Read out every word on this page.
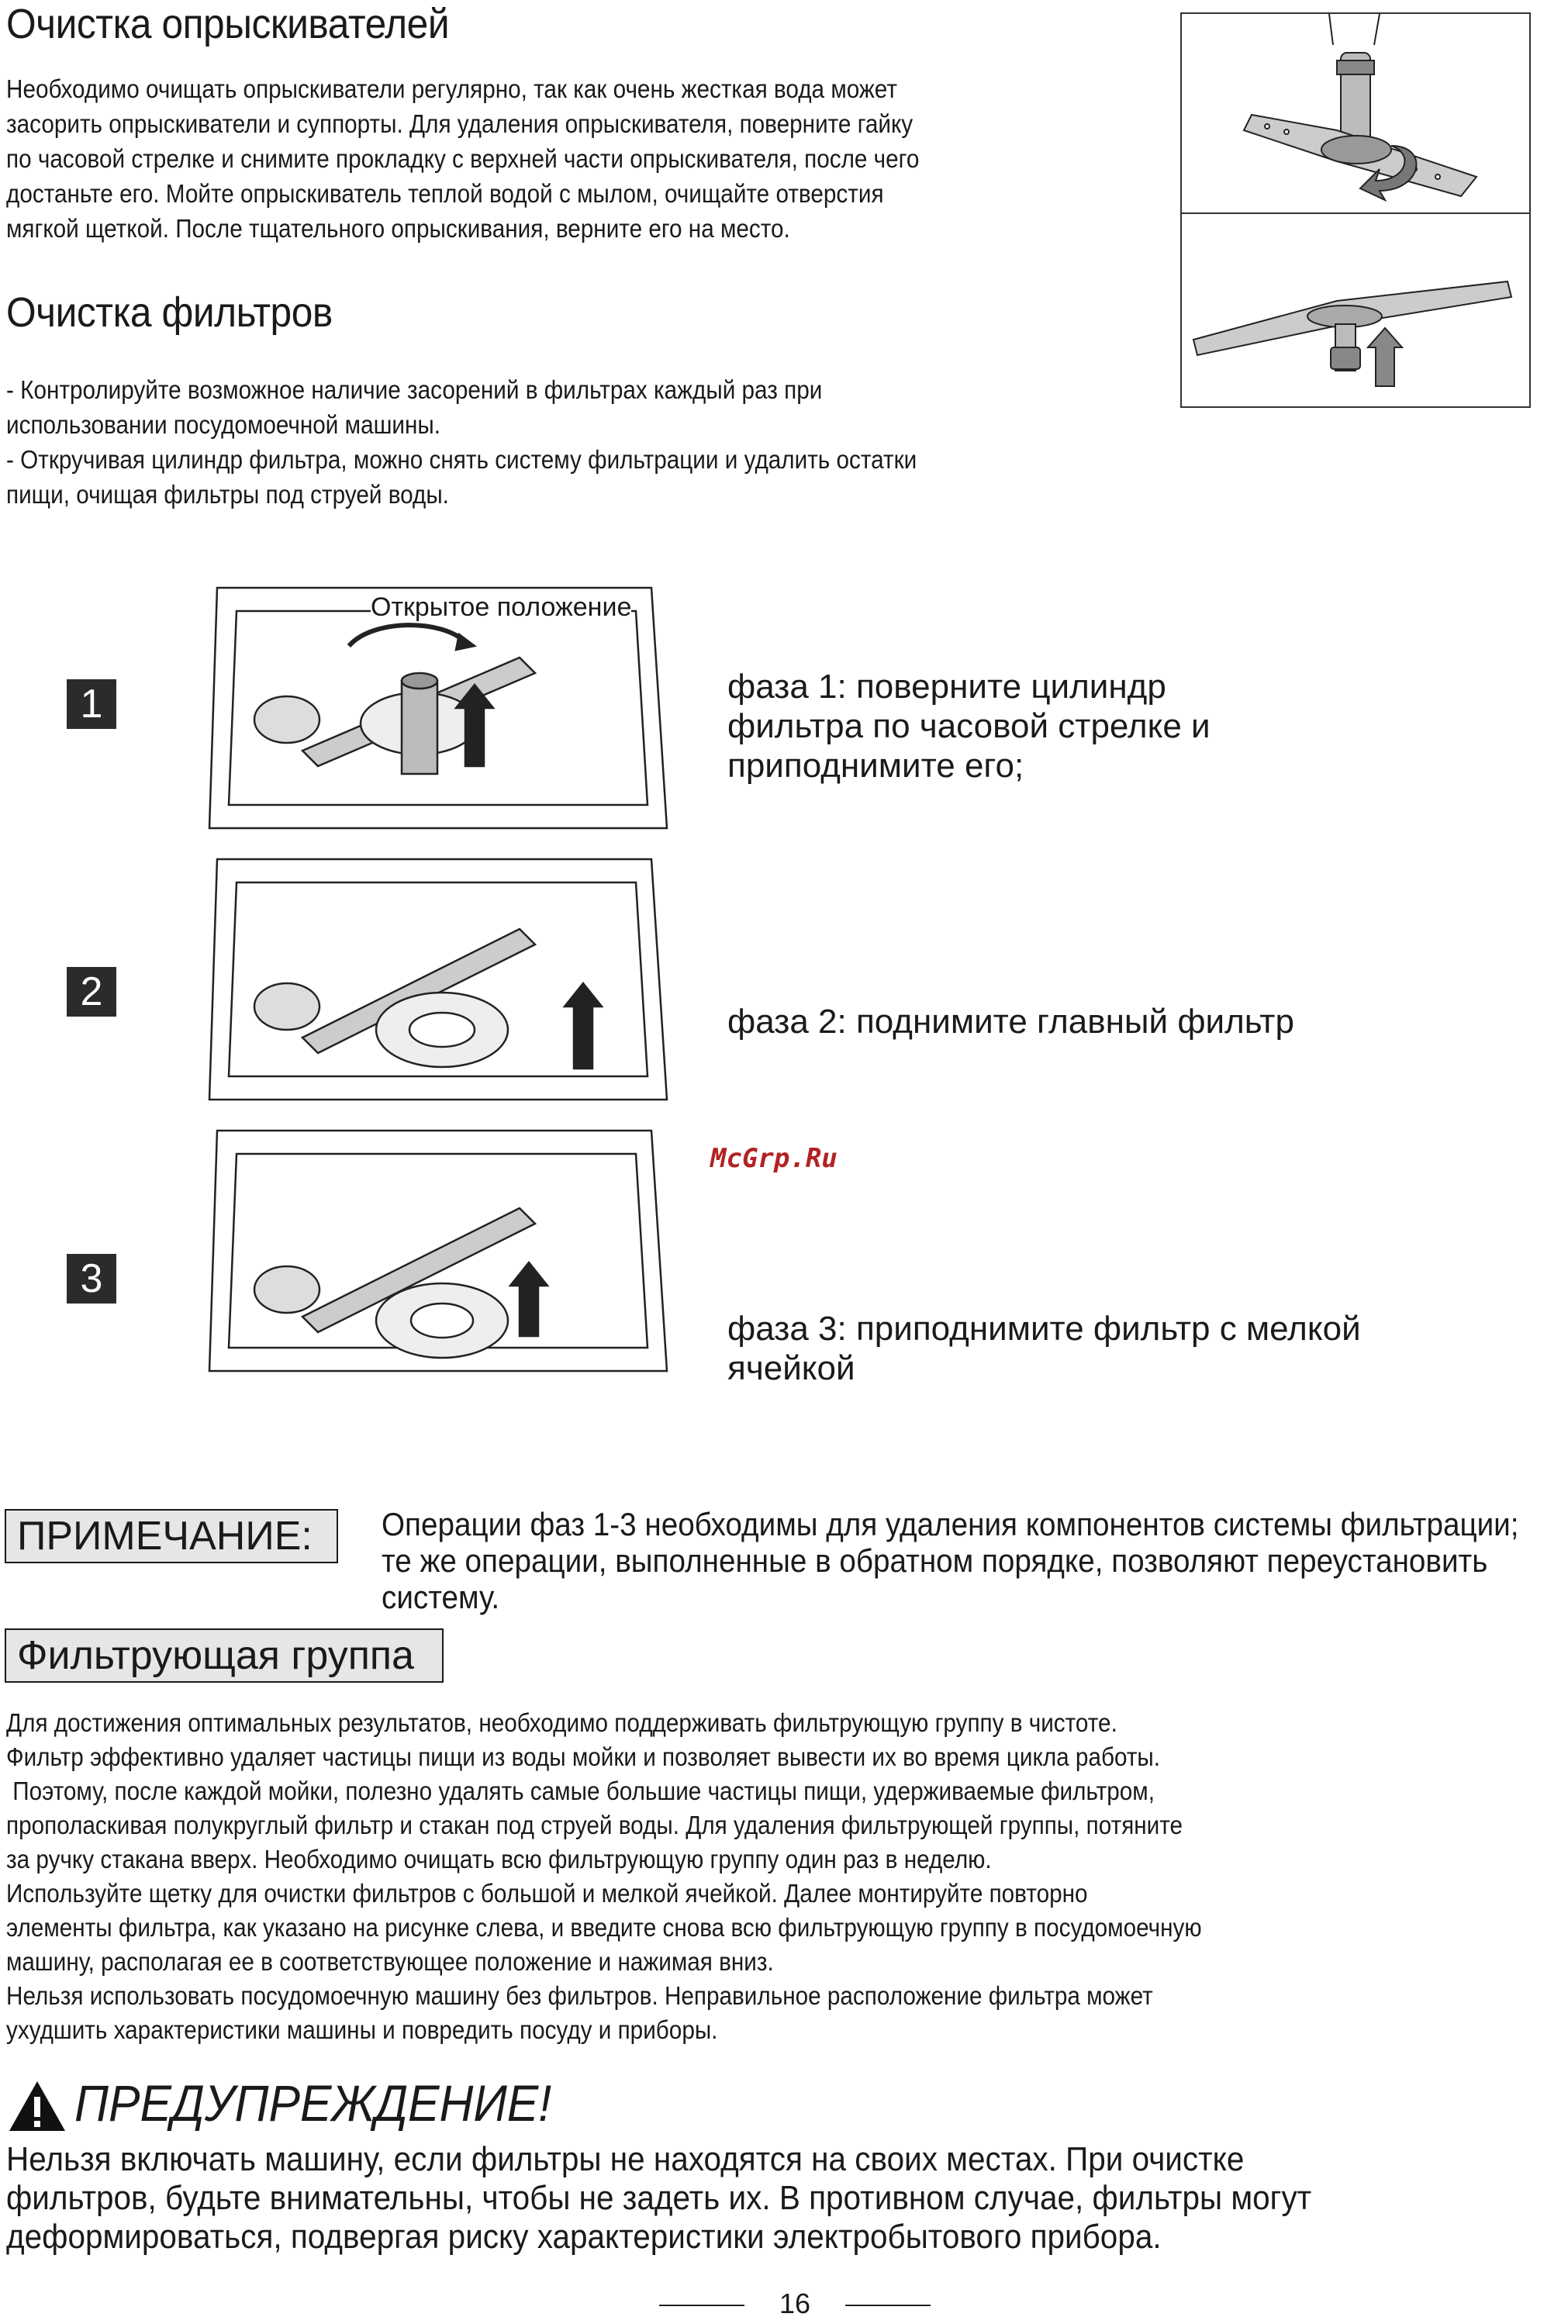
Очистка опрыскивателей

Необходимо очищать опрыскиватели регулярно, так как очень жесткая вода может

засорить опрыскиватели и суппорты. Для удаления опрыскивателя, поверните гайку

по часовой стрелке и снимите прокладку с верхней части опрыскивателя, после чего

достаньте его. Мойте опрыскиватель теплой водой с мылом, очищайте отверстия

мягкой щеткой. После тщательного опрыскивания, верните его на место.

Очистка фильтров

- Контролируйте возможное наличие засорений в фильтрах каждый раз при

использовании посудомоечной машины.

- Откручивая цилиндр фильтра, можно снять систему фильтрации и удалить остатки

пищи, очищая фильтры под струей воды.

Открытое положение
1
2
3

фаза 1: поверните цилиндр

фильтра по часовой стрелке и

приподнимите его;

фаза 2: поднимите главный фильтр

фаза 3: приподнимите фильтр с мелкой

ячейкой

McGrp.Ru
ПРИМЕЧАНИЕ:	Операции фаз 1-3 необходимы для удаления компонентов системы фильтрации;

те же операции, выполненные в обратном порядке, позволяют переустановить

систему.

Фильтрующая группа

Для достижения оптимальных результатов, необходимо поддерживать фильтрующую группу в чистоте.

Фильтр эффективно удаляет частицы пищи из воды мойки и позволяет вывести их во время цикла работы.

Поэтому, после каждой мойки, полезно удалять самые большие частицы пищи, удерживаемые фильтром,

прополаскивая полукруглый фильтр и стакан под струей воды. Для удаления фильтрующей группы, потяните

за ручку стакана вверх. Необходимо очищать всю фильтрующую группу один раз в неделю.

Используйте щетку для очистки фильтров с большой и мелкой ячейкой. Далее монтируйте повторно

элементы фильтра, как указано на рисунке слева, и введите снова всю фильтрующую группу в посудомоечную

машину, располагая ее в соответствующее положение и нажимая вниз.

Нельзя использовать посудомоечную машину без фильтров. Неправильное расположение фильтра может

ухудшить характеристики машины и повредить посуду и приборы.

ПРЕДУПРЕЖДЕНИЕ!

Нельзя включать машину, если фильтры не находятся на своих местах. При очистке

фильтров, будьте внимательны, чтобы не задеть их. В противном случае, фильтры могут

деформироваться, подвергая риску характеристики электробытового прибора.

16
